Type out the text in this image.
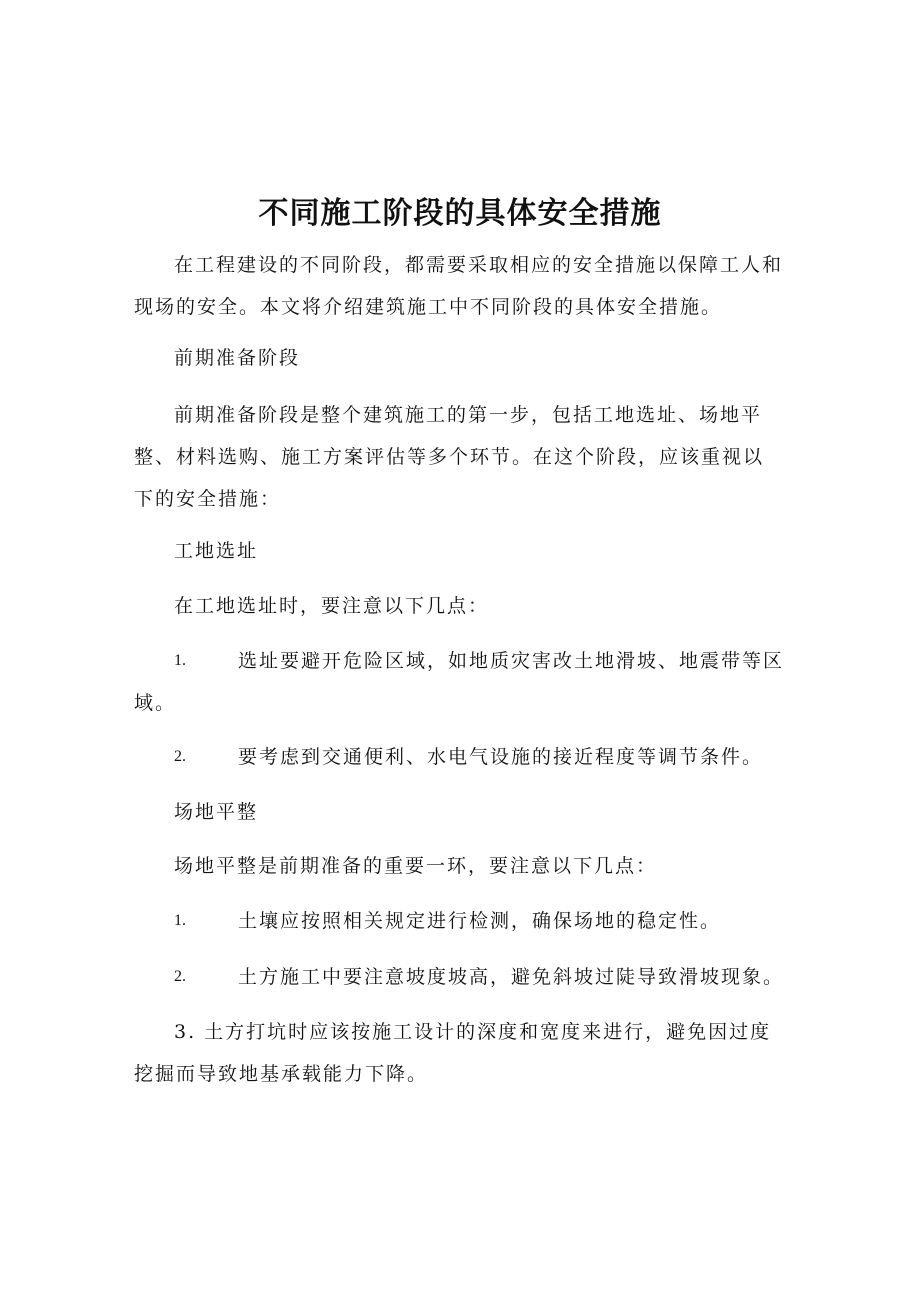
不同施工阶段的具体安全措施

在工程建设的不同阶段，都需要采取相应的安全措施以保障工人和现场的安全。本文将介绍建筑施工中不同阶段的具体安全措施。

前期准备阶段

前期准备阶段是整个建筑施工的第一步，包括工地选址、场地平整、材料选购、施工方案评估等多个环节。在这个阶段，应该重视以下的安全措施：

工地选址

在工地选址时，要注意以下几点：

1.	选址要避开危险区域，如地质灾害改土地滑坡、地震带等区域。
2.	要考虑到交通便利、水电气设施的接近程度等调节条件。

场地平整

场地平整是前期准备的重要一环，要注意以下几点：

1.	土壤应按照相关规定进行检测，确保场地的稳定性。
2.	土方施工中要注意坡度坡高，避免斜坡过陡导致滑坡现象。

3. 土方打坑时应该按施工设计的深度和宽度来进行，避免因过度挖掘而导致地基承载能力下降。
